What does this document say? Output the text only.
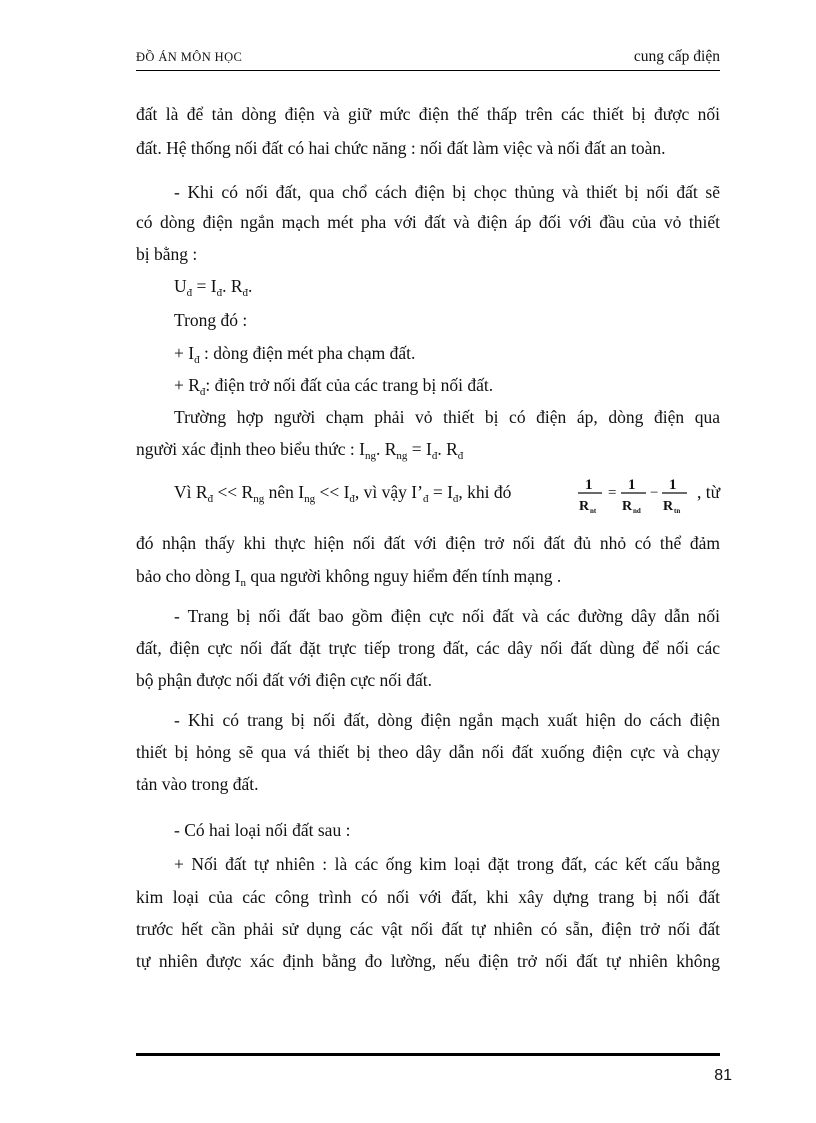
ĐỒ ÁN MÔN HỌC	cung cấp điện
đất là để tản dòng điện và giữ mức điện thế thấp trên các thiết bị được nối
đất. Hệ thống nối đất có hai chức năng : nối đất làm việc và nối đất an toàn.
- Khi có nối đất, qua chổ cách điện bị chọc thủng và thiết bị nối đất sẽ
có dòng điện ngắn mạch mét pha với đất và điện áp đối với đầu của vỏ thiết
bị bằng :
$U_đ = I_đ$. $R_đ$.
Trong đó :
+ $I_đ$ : dòng điện mét pha chạm đất.
+ $R_đ$: điện trở nối đất của các trang bị nối đất.
Trường hợp người chạm phải vỏ thiết bị có điện áp, dòng điện qua
người xác định theo biểu thức : $I_{ng}$. $R_{ng} = I_đ$. $R_đ$
Vì $R_đ << R_{ng}$ nên $I_{ng} << I_đ$, vì vậy $I’_đ = I_đ$, khi đó	, từ
đó nhận thấy khi thực hiện nối đất với điện trở nối đất đủ nhỏ có thể đảm
bảo cho dòng $I_n$ qua người không nguy hiểm đến tính mạng .
- Trang bị nối đất bao gồm điện cực nối đất và các đường dây dẫn nối
đất, điện cực nối đất đặt trực tiếp trong đất, các dây nối đất dùng để nối các
bộ phận được nối đất với điện cực nối đất.
- Khi có trang bị nối đất, dòng điện ngắn mạch xuất hiện do cách điện
thiết bị hỏng sẽ qua vá thiết bị theo dây dẫn nối đất xuống điện cực và chạy
tản vào trong đất.
- Có hai loại nối đất sau :
+ Nối đất tự nhiên : là các ống kim loại đặt trong đất, các kết cấu bằng
kim loại của các công trình có nối với đất, khi xây dựng trang bị nối đất
trước hết cần phải sử dụng các vật nối đất tự nhiên có sẵn, điện trở nối đất
tự nhiên được xác định bằng đo lường, nếu điện trở nối đất tự nhiên không
1
R nt
= 1
R nd
− 1
R tn
81
